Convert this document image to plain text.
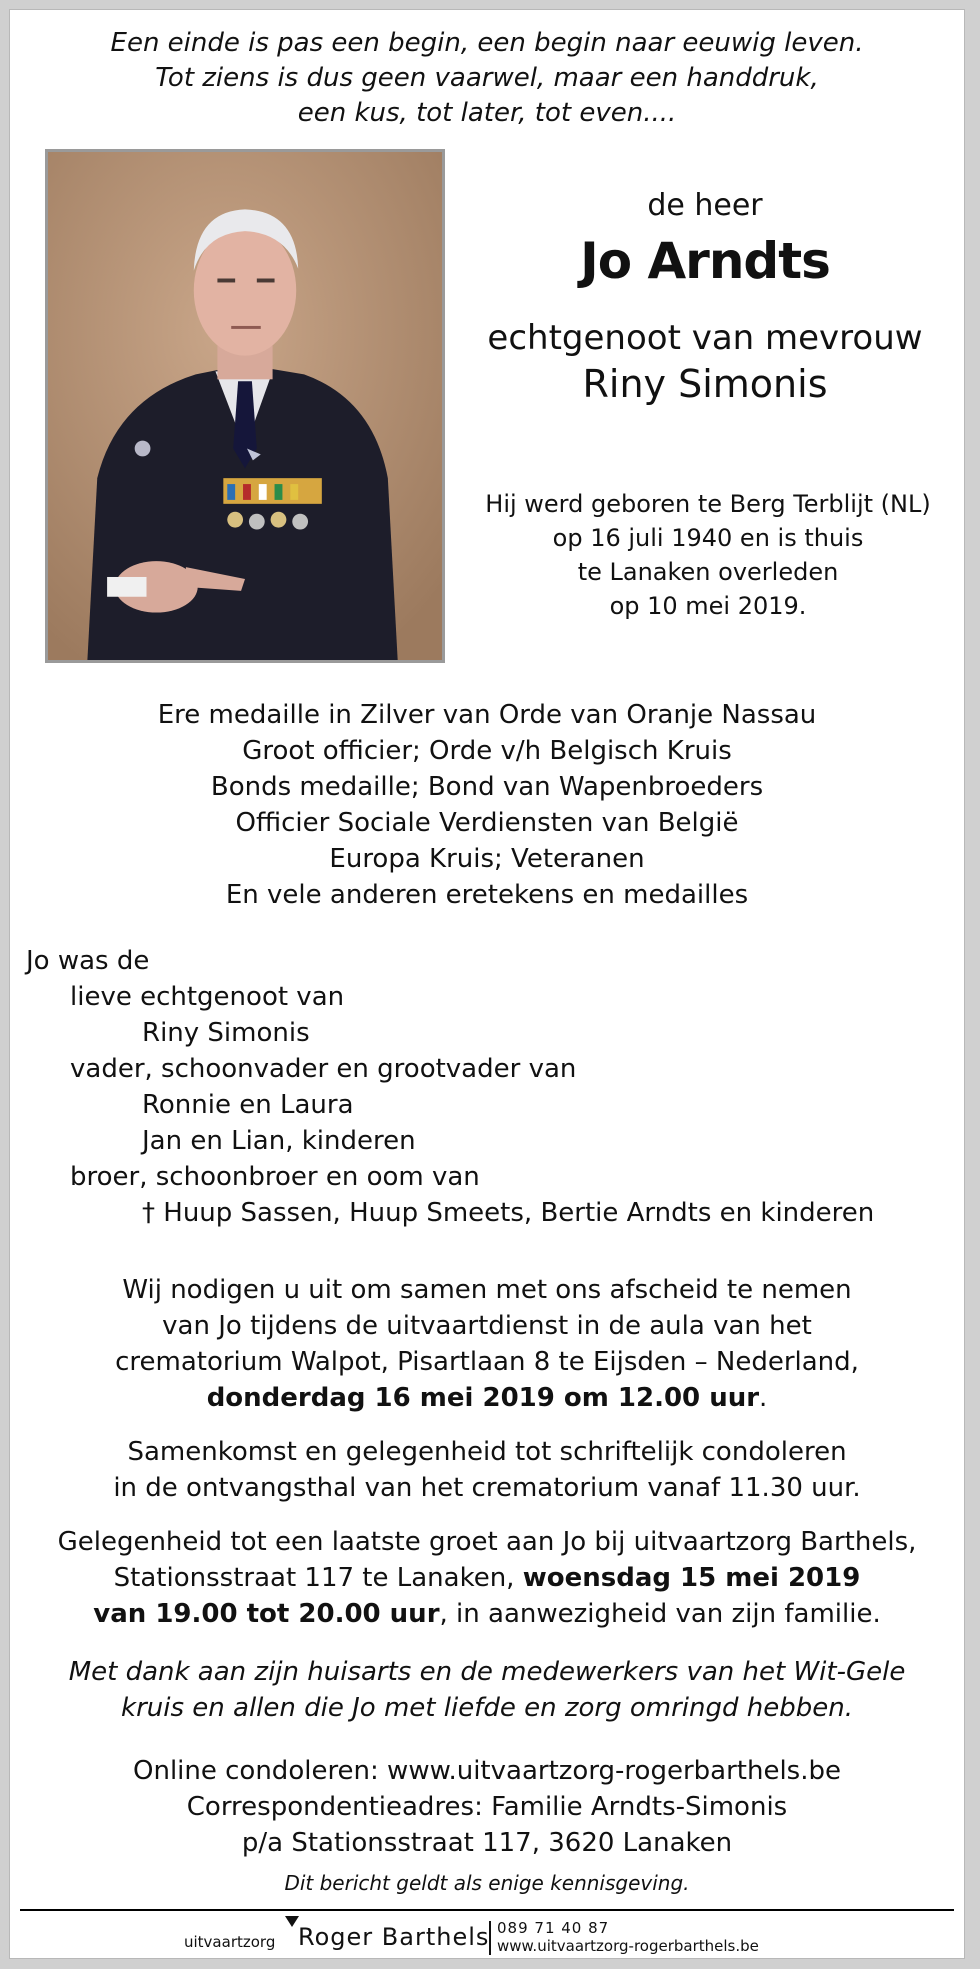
Een einde is pas een begin, een begin naar eeuwig leven.
Tot ziens is dus geen vaarwel, maar een handdruk,
een kus, tot later, tot even....
de heer
Jo Arndts
echtgenoot van mevrouw
Riny Simonis
Hij werd geboren te Berg Terblijt (NL)
op 16 juli 1940 en is thuis
te Lanaken overleden
op 10 mei 2019.
Ere medaille in Zilver van Orde van Oranje Nassau
Groot officier; Orde v/h Belgisch Kruis
Bonds medaille; Bond van Wapenbroeders
Officier Sociale Verdiensten van België
Europa Kruis; Veteranen
En vele anderen eretekens en medailles
Jo was de
lieve echtgenoot van
Riny Simonis
vader, schoonvader en grootvader van
Ronnie en Laura
Jan en Lian, kinderen
broer, schoonbroer en oom van
† Huup Sassen, Huup Smeets, Bertie Arndts en kinderen
Wij nodigen u uit om samen met ons afscheid te nemen
van Jo tijdens de uitvaartdienst in de aula van het
crematorium Walpot, Pisartlaan 8 te Eijsden – Nederland,
donderdag 16 mei 2019 om 12.00 uur.
Samenkomst en gelegenheid tot schriftelijk condoleren
in de ontvangsthal van het crematorium vanaf 11.30 uur.
Gelegenheid tot een laatste groet aan Jo bij uitvaartzorg Barthels,
Stationsstraat 117 te Lanaken, woensdag 15 mei 2019
van 19.00 tot 20.00 uur, in aanwezigheid van zijn familie.
Met dank aan zijn huisarts en de medewerkers van het Wit-Gele
kruis en allen die Jo met liefde en zorg omringd hebben.
Online condoleren: www.uitvaartzorg-rogerbarthels.be
Correspondentieadres: Familie Arndts-Simonis
p/a Stationsstraat 117, 3620 Lanaken
Dit bericht geldt als enige kennisgeving.
uitvaartzorg Roger Barthels 089 71 40 87
www.uitvaartzorg-rogerbarthels.be
